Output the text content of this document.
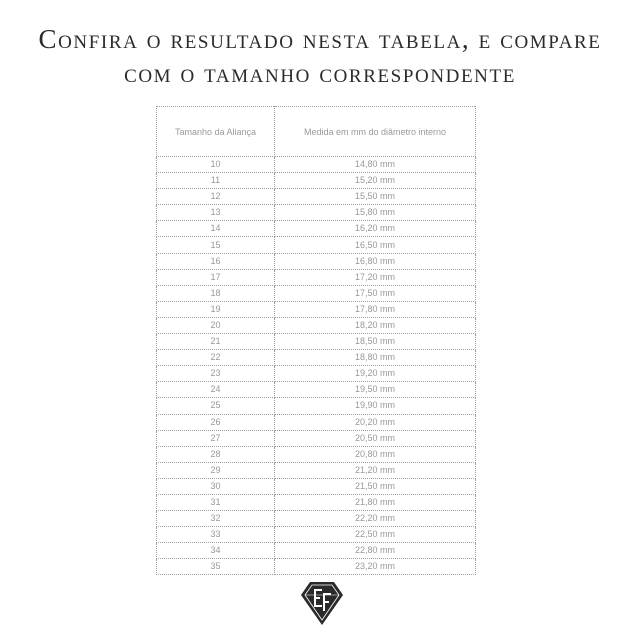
Confira o resultado nesta tabela, e compare
com o tamanho correspondente
Tamanho da Aliança	Medida em mm do diâmetro interno
10	14,80 mm
11	15,20 mm
12	15,50 mm
13	15,80 mm
14	16,20 mm
15	16,50 mm
16	16,80 mm
17	17,20 mm
18	17,50 mm
19	17,80 mm
20	18,20 mm
21	18,50 mm
22	18,80 mm
23	19,20 mm
24	19,50 mm
25	19,90 mm
26	20,20 mm
27	20,50 mm
28	20,80 mm
29	21,20 mm
30	21,50 mm
31	21,80 mm
32	22,20 mm
33	22,50 mm
34	22,80 mm
35	23,20 mm
